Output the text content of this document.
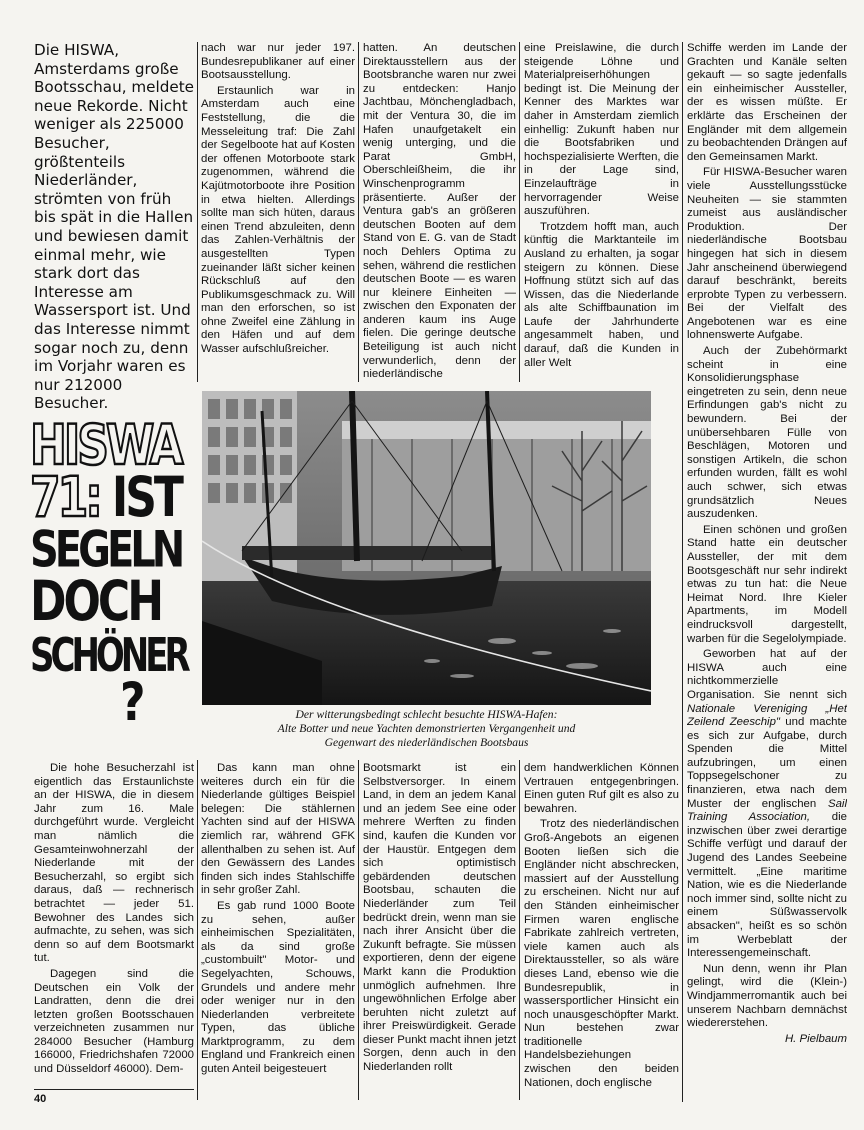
Die HISWA, Amsterdams große Bootsschau, meldete neue Rekorde. Nicht weniger als 225000 Besucher, größtenteils Niederländer, strömten von früh bis spät in die Hallen und bewiesen damit einmal mehr, wie stark dort das Interesse am Wassersport ist. Und das Interesse nimmt sogar noch zu, denn im Vorjahr waren es nur 212000 Besucher.

nach war nur jeder 197. Bundesrepublikaner auf einer Bootsausstellung.

Erstaunlich war in Amsterdam auch eine Feststellung, die die Messeleitung traf: Die Zahl der Segelboote hat auf Kosten der offenen Motorboote stark zugenommen, während die Kajütmotorboote ihre Position in etwa hielten. Allerdings sollte man sich hüten, daraus einen Trend abzuleiten, denn das Zahlen-Verhältnis der ausgestellten Typen zueinander läßt sicher keinen Rückschluß auf den Publikumsgeschmack zu. Will man den erforschen, so ist ohne Zweifel eine Zählung in den Häfen und auf dem Wasser aufschlußreicher.

hatten. An deutschen Direktausstellern aus der Bootsbranche waren nur zwei zu entdecken: Hanjo Jachtbau, Mönchengladbach, mit der Ventura 30, die im Hafen unaufgetakelt ein wenig unterging, und die Parat GmbH, Oberschleißheim, die ihr Winschenprogramm präsentierte. Außer der Ventura gab's an größeren deutschen Booten auf dem Stand von E. G. van de Stadt noch Dehlers Optima zu sehen, während die restlichen deutschen Boote — es waren nur kleinere Einheiten — zwischen den Exponaten der anderen kaum ins Auge fielen. Die geringe deutsche Beteiligung ist auch nicht verwunderlich, denn der niederländische

eine Preislawine, die durch steigende Löhne und Materialpreiserhöhungen bedingt ist. Die Meinung der Kenner des Marktes war daher in Amsterdam ziemlich einhellig: Zukunft haben nur die Bootsfabriken und hochspezialisierte Werften, die in der Lage sind, Einzelaufträge in hervorragender Weise auszuführen.

Trotzdem hofft man, auch künftig die Marktanteile im Ausland zu erhalten, ja sogar steigern zu können. Diese Hoffnung stützt sich auf das Wissen, das die Niederlande als alte Schiffbaunation im Laufe der Jahrhunderte angesammelt haben, und darauf, daß die Kunden in aller Welt

Schiffe werden im Lande der Grachten und Kanäle selten gekauft — so sagte jedenfalls ein einheimischer Aussteller, der es wissen müßte. Er erklärte das Erscheinen der Engländer mit dem allgemein zu beobachtenden Drängen auf den Gemeinsamen Markt.

Für HISWA-Besucher waren viele Ausstellungsstücke Neuheiten — sie stammten zumeist aus ausländischer Produktion. Der niederländische Bootsbau hingegen hat sich in diesem Jahr anscheinend überwiegend darauf beschränkt, bereits erprobte Typen zu verbessern. Bei der Vielfalt des Angebotenen war es eine lohnenswerte Aufgabe.

Auch der Zubehörmarkt scheint in eine Konsolidierungsphase eingetreten zu sein, denn neue Erfindungen gab's nicht zu bewundern. Bei der unübersehbaren Fülle von Beschlägen, Motoren und sonstigen Artikeln, die schon erfunden wurden, fällt es wohl auch schwer, sich etwas grundsätzlich Neues auszudenken.

Einen schönen und großen Stand hatte ein deutscher Aussteller, der mit dem Bootsgeschäft nur sehr indirekt etwas zu tun hat: die Neue Heimat Nord. Ihre Kieler Apartments, im Modell eindrucksvoll dargestellt, warben für die Segelolympiade.

Geworben hat auf der HISWA auch eine nichtkommerzielle Organisation. Sie nennt sich Nationale Vereniging „Het Zeilend Zeeschip" und machte es sich zur Aufgabe, durch Spenden die Mittel aufzubringen, um einen Toppsegelschoner zu finanzieren, etwa nach dem Muster der englischen Sail Training Association, die inzwischen über zwei derartige Schiffe verfügt und darauf der Jugend des Landes Seebeine vermittelt. „Eine maritime Nation, wie es die Niederlande noch immer sind, sollte nicht zu einem Süßwasservolk absacken", heißt es so schön im Werbeblatt der Interessengemeinschaft.

Nun denn, wenn ihr Plan gelingt, wird die (Klein-) Windjammerromantik auch bei unserem Nachbarn demnächst wiedererstehen.

H. Pielbaum

HISWA
71: IST
SEGELN
DOCH
SCHÖNER
?	Der witterungsbedingt schlecht besuchte HISWA-Hafen:
Alte Botter und neue Yachten demonstrierten Vergangenheit und
Gegenwart des niederländischen Bootsbaus

Die hohe Besucherzahl ist eigentlich das Erstaunlichste an der HISWA, die in diesem Jahr zum 16. Male durchgeführt wurde. Vergleicht man nämlich die Gesamteinwohnerzahl der Niederlande mit der Besucherzahl, so ergibt sich daraus, daß — rechnerisch betrachtet — jeder 51. Bewohner des Landes sich aufmachte, zu sehen, was sich denn so auf dem Bootsmarkt tut.

Dagegen sind die Deutschen ein Volk der Landratten, denn die drei letzten großen Bootsschauen verzeichneten zusammen nur 284000 Besucher (Hamburg 166000, Friedrichshafen 72000 und Düsseldorf 46000). Dem-

Das kann man ohne weiteres durch ein für die Niederlande gültiges Beispiel belegen: Die stählernen Yachten sind auf der HISWA ziemlich rar, während GFK allenthalben zu sehen ist. Auf den Gewässern des Landes finden sich indes Stahlschiffe in sehr großer Zahl.

Es gab rund 1000 Boote zu sehen, außer einheimischen Spezialitäten, als da sind große „custombuilt" Motor- und Segelyachten, Schouws, Grundels und andere mehr oder weniger nur in den Niederlanden verbreitete Typen, das übliche Marktprogramm, zu dem England und Frankreich einen guten Anteil beigesteuert

Bootsmarkt ist ein Selbstversorger. In einem Land, in dem an jedem Kanal und an jedem See eine oder mehrere Werften zu finden sind, kaufen die Kunden vor der Haustür. Entgegen dem sich optimistisch gebärdenden deutschen Bootsbau, schauten die Niederländer zum Teil bedrückt drein, wenn man sie nach ihrer Ansicht über die Zukunft befragte. Sie müssen exportieren, denn der eigene Markt kann die Produktion unmöglich aufnehmen. Ihre ungewöhnlichen Erfolge aber beruhten nicht zuletzt auf ihrer Preiswürdigkeit. Gerade dieser Punkt macht ihnen jetzt Sorgen, denn auch in den Niederlanden rollt

dem handwerklichen Können Vertrauen entgegenbringen. Einen guten Ruf gilt es also zu bewahren.

Trotz des niederländischen Groß-Angebots an eigenen Booten ließen sich die Engländer nicht abschrecken, massiert auf der Ausstellung zu erscheinen. Nicht nur auf den Ständen einheimischer Firmen waren englische Fabrikate zahlreich vertreten, viele kamen auch als Direktaussteller, so als wäre dieses Land, ebenso wie die Bundesrepublik, in wassersportlicher Hinsicht ein noch unausgeschöpfter Markt. Nun bestehen zwar traditionelle Handelsbeziehungen zwischen den beiden Nationen, doch englische

40
